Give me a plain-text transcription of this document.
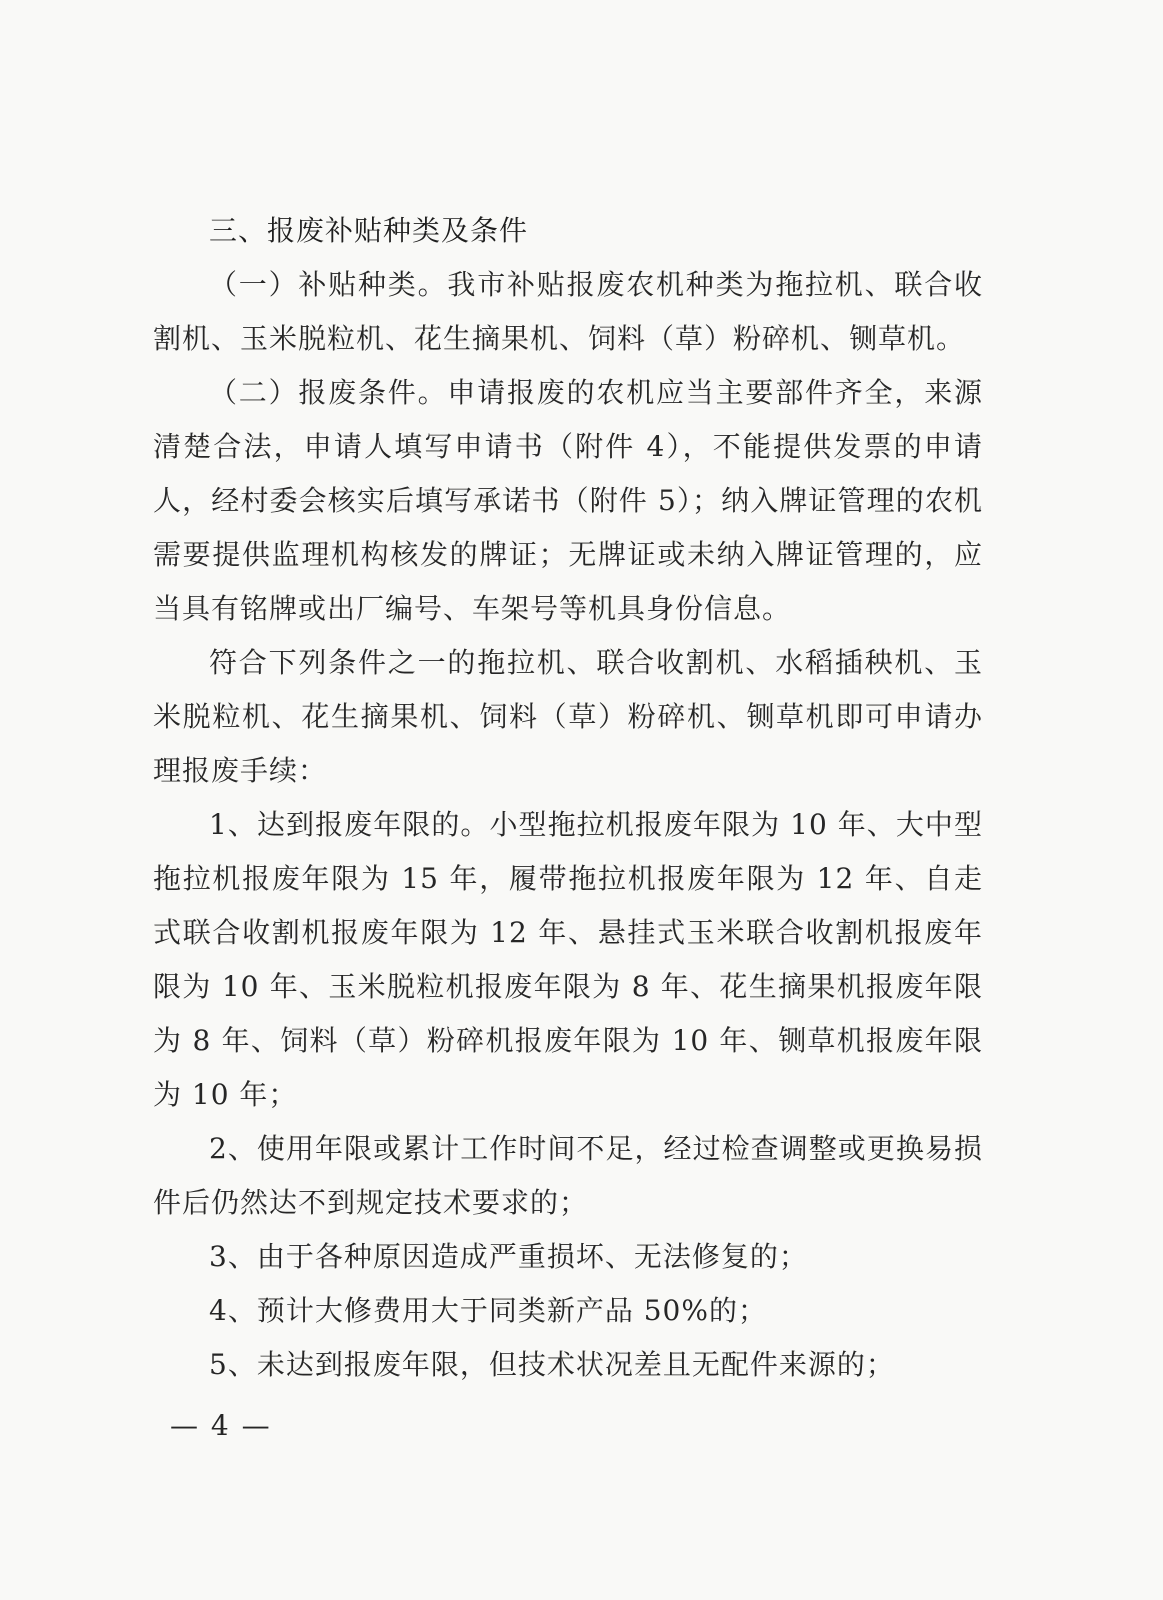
三、报废补贴种类及条件

（一）补贴种类。我市补贴报废农机种类为拖拉机、联合收割机、玉米脱粒机、花生摘果机、饲料（草）粉碎机、铡草机。

（二）报废条件。申请报废的农机应当主要部件齐全，来源清楚合法，申请人填写申请书（附件 4），不能提供发票的申请人，经村委会核实后填写承诺书（附件 5）；纳入牌证管理的农机需要提供监理机构核发的牌证；无牌证或未纳入牌证管理的，应当具有铭牌或出厂编号、车架号等机具身份信息。

符合下列条件之一的拖拉机、联合收割机、水稻插秧机、玉米脱粒机、花生摘果机、饲料（草）粉碎机、铡草机即可申请办理报废手续：

1、达到报废年限的。小型拖拉机报废年限为 10 年、大中型拖拉机报废年限为 15 年，履带拖拉机报废年限为 12 年、自走式联合收割机报废年限为 12 年、悬挂式玉米联合收割机报废年限为 10 年、玉米脱粒机报废年限为 8 年、花生摘果机报废年限为 8 年、饲料（草）粉碎机报废年限为 10 年、铡草机报废年限为 10 年；

2、使用年限或累计工作时间不足，经过检查调整或更换易损件后仍然达不到规定技术要求的；

3、由于各种原因造成严重损坏、无法修复的；

4、预计大修费用大于同类新产品 50%的；

5、未达到报废年限，但技术状况差且无配件来源的；

— 4 —
